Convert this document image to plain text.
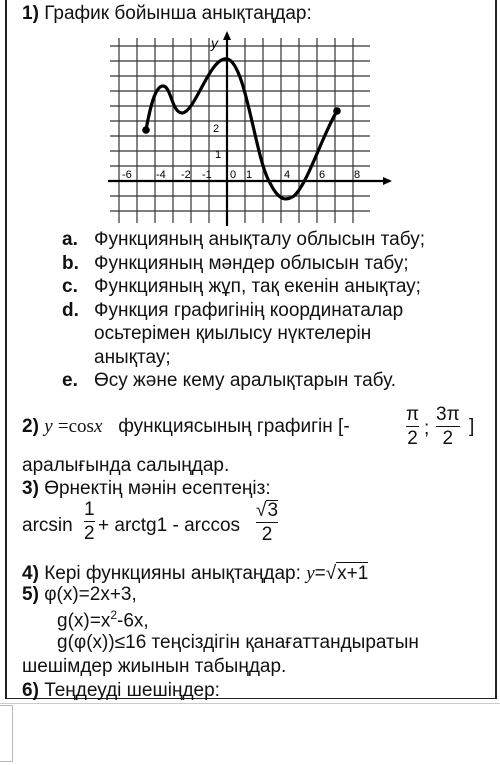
1) График бойынша анықтаңдар:
y
-6 -4 -2 -1 0 1	4	6	8
2
1
a. Функцияның анықталу облысын табу;
b. Функцияның мәндер облысын табу;
c. Функцияның жұп, тақ екенін анықтау;
d. Функция графигінің координаталар
осьтерімен қиылысу нүктелерін
анықтау;
e. Өсу және кему аралықтарын табу.
2) y =cosx функциясының графигін [-
π
2 ;
3π
2
]
аралығында салыңдар.
3) Өрнектің мәнін есептеңіз:
arcsin
1
2 + arctg1 - arccos
√3
2
4) Кері функцияны анықтаңдар: y=√x+1
5) φ(x)=2x+3,
$g(x)=x^2-6x$,
g(φ(x))≤16 теңсіздігін қанағаттандыратын
шешімдер жиынын табыңдар.
6) Теңдеуді шешіңдер:
